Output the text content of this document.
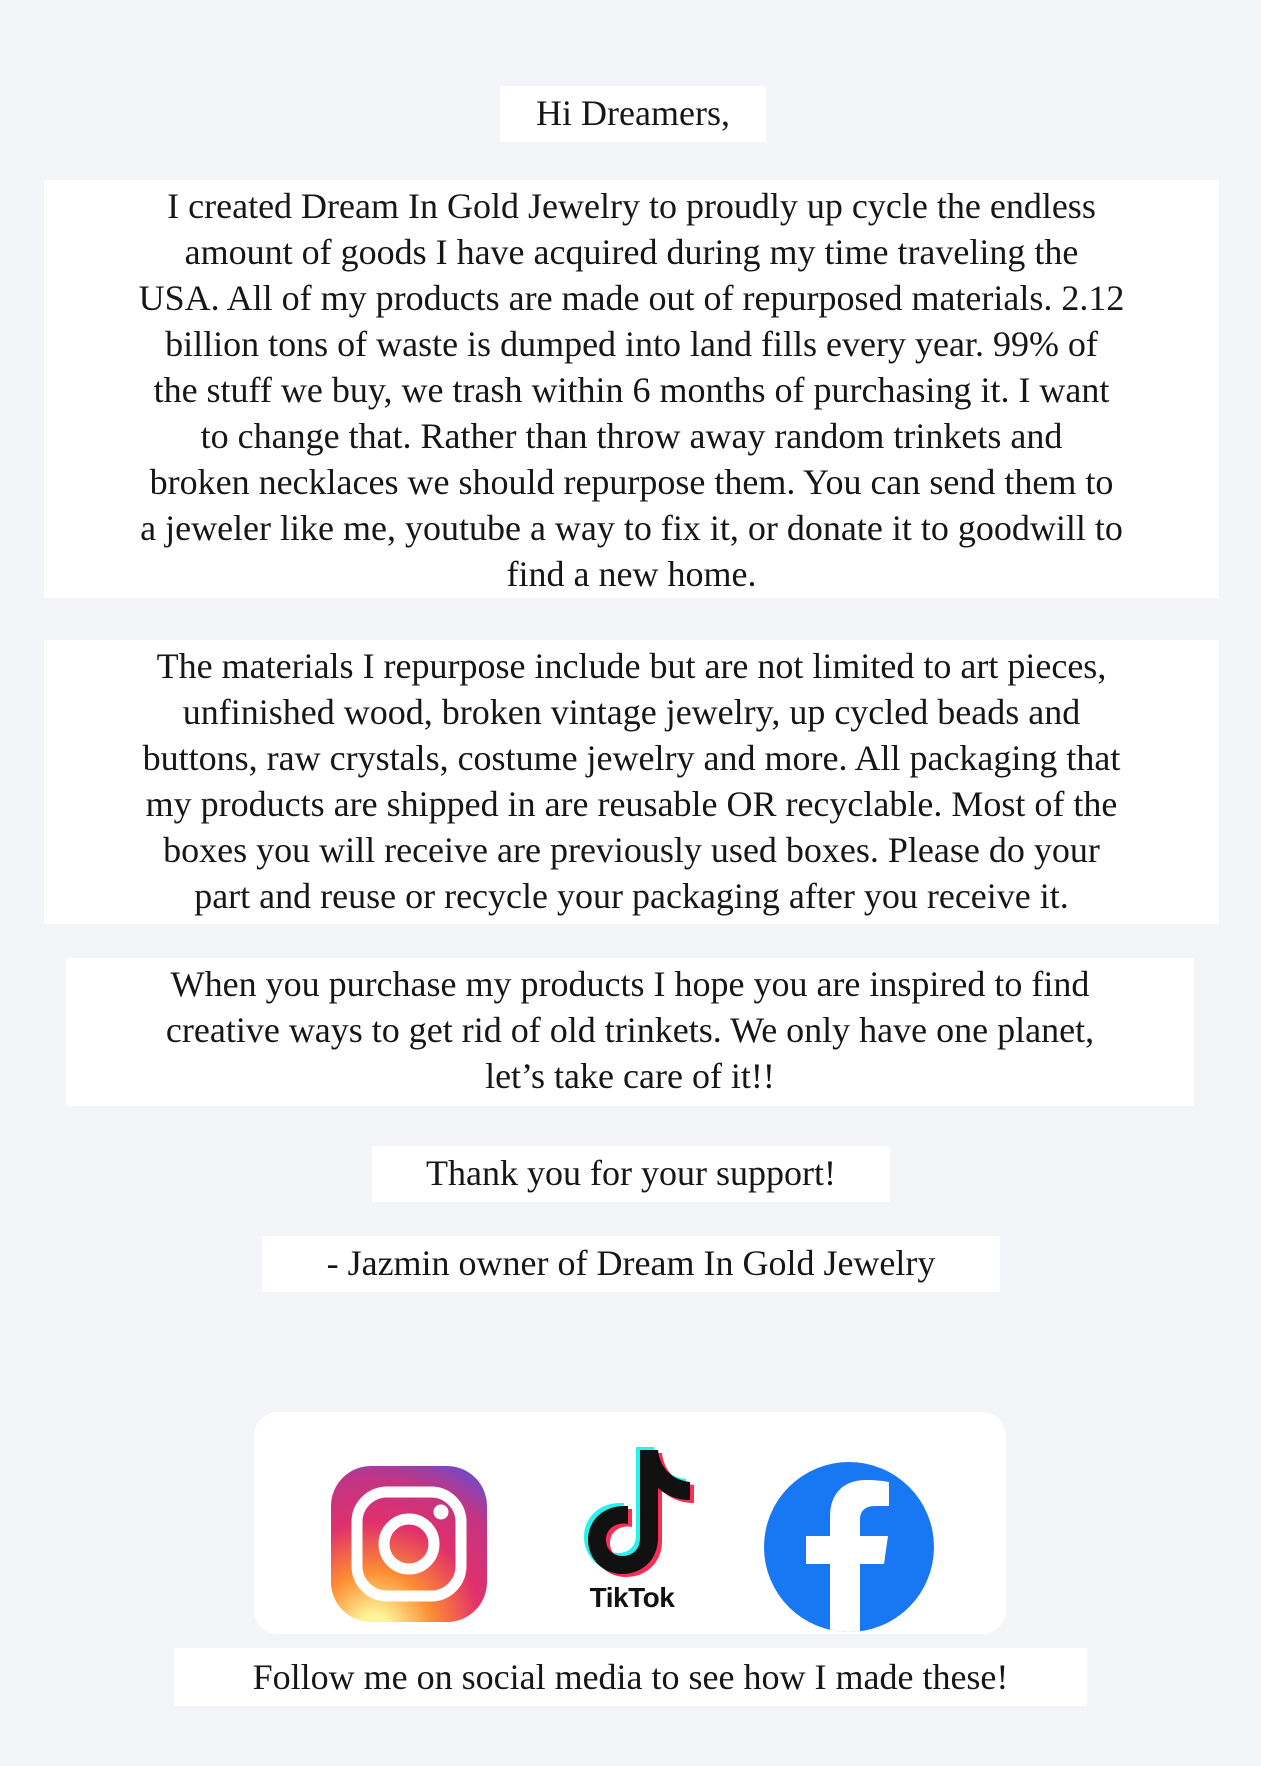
Hi Dreamers,
I created Dream In Gold Jewelry to proudly up cycle the endless
amount of goods I have acquired during my time traveling the
USA. All of my products are made out of repurposed materials. 2.12
billion tons of waste is dumped into land fills every year. 99% of
the stuff we buy, we trash within 6 months of purchasing it. I want
to change that. Rather than throw away random trinkets and
broken necklaces we should repurpose them. You can send them to
a jeweler like me, youtube a way to fix it, or donate it to goodwill to
find a new home.
The materials I repurpose include but are not limited to art pieces,
unfinished wood, broken vintage jewelry, up cycled beads and
buttons, raw crystals, costume jewelry and more. All packaging that
my products are shipped in are reusable OR recyclable. Most of the
boxes you will receive are previously used boxes. Please do your
part and reuse or recycle your packaging after you receive it.
When you purchase my products I hope you are inspired to find
creative ways to get rid of old trinkets. We only have one planet,
let’s take care of it!!
Thank you for your support!
- Jazmin owner of Dream In Gold Jewelry
TikTok
Follow me on social media to see how I made these!
